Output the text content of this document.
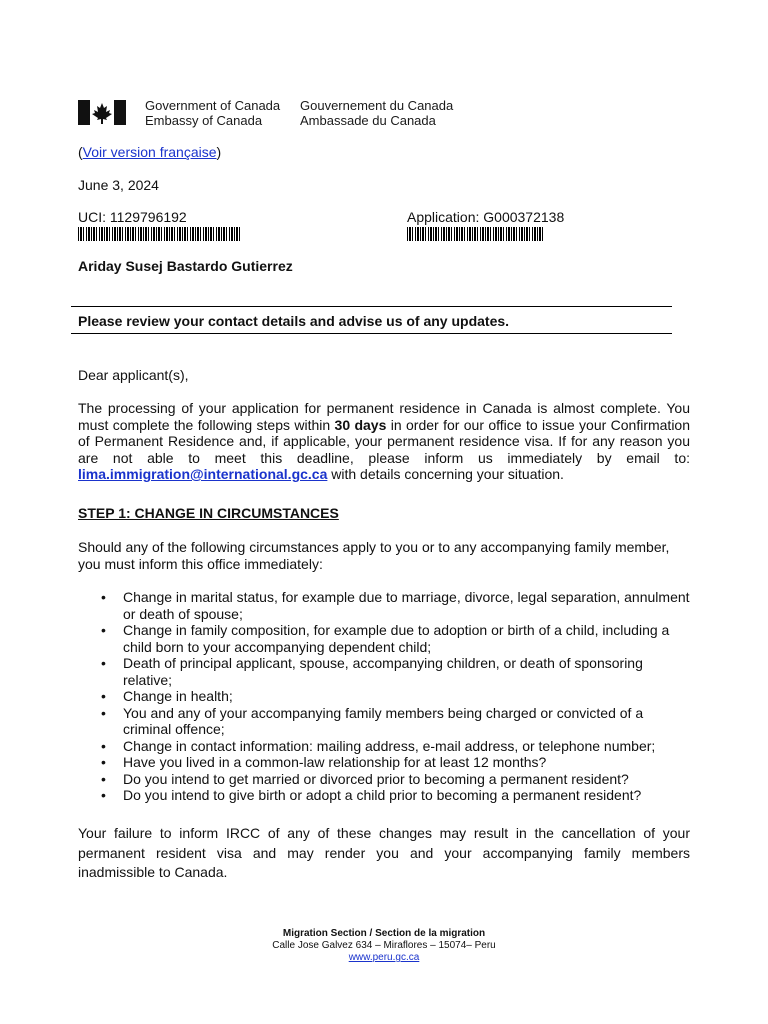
Government of Canada
Embassy of Canada
Gouvernement du Canada
Ambassade du Canada
(Voir version française)
June 3, 2024
UCI: 1129796192	Application: G000372138
Ariday Susej Bastardo Gutierrez
Please review your contact details and advise us of any updates.
Dear applicant(s),
The processing of your application for permanent residence in Canada is almost complete. You must complete the following steps within 30 days in order for our office to issue your Confirmation of Permanent Residence and, if applicable, your permanent residence visa. If for any reason you are not able to meet this deadline, please inform us immediately by email to: lima.immigration@international.gc.ca with details concerning your situation.
STEP 1: CHANGE IN CIRCUMSTANCES
Should any of the following circumstances apply to you or to any accompanying family member, you must inform this office immediately:
• Change in marital status, for example due to marriage, divorce, legal separation, annulment or death of spouse;
• Change in family composition, for example due to adoption or birth of a child, including a child born to your accompanying dependent child;
• Death of principal applicant, spouse, accompanying children, or death of sponsoring relative;
• Change in health;
• You and any of your accompanying family members being charged or convicted of a criminal offence;
• Change in contact information: mailing address, e-mail address, or telephone number;
• Have you lived in a common-law relationship for at least 12 months?
• Do you intend to get married or divorced prior to becoming a permanent resident?
• Do you intend to give birth or adopt a child prior to becoming a permanent resident?
Your failure to inform IRCC of any of these changes may result in the cancellation of your permanent resident visa and may render you and your accompanying family members inadmissible to Canada.
Migration Section / Section de la migration
Calle Jose Galvez 634 – Miraflores – 15074– Peru
www.peru.gc.ca
